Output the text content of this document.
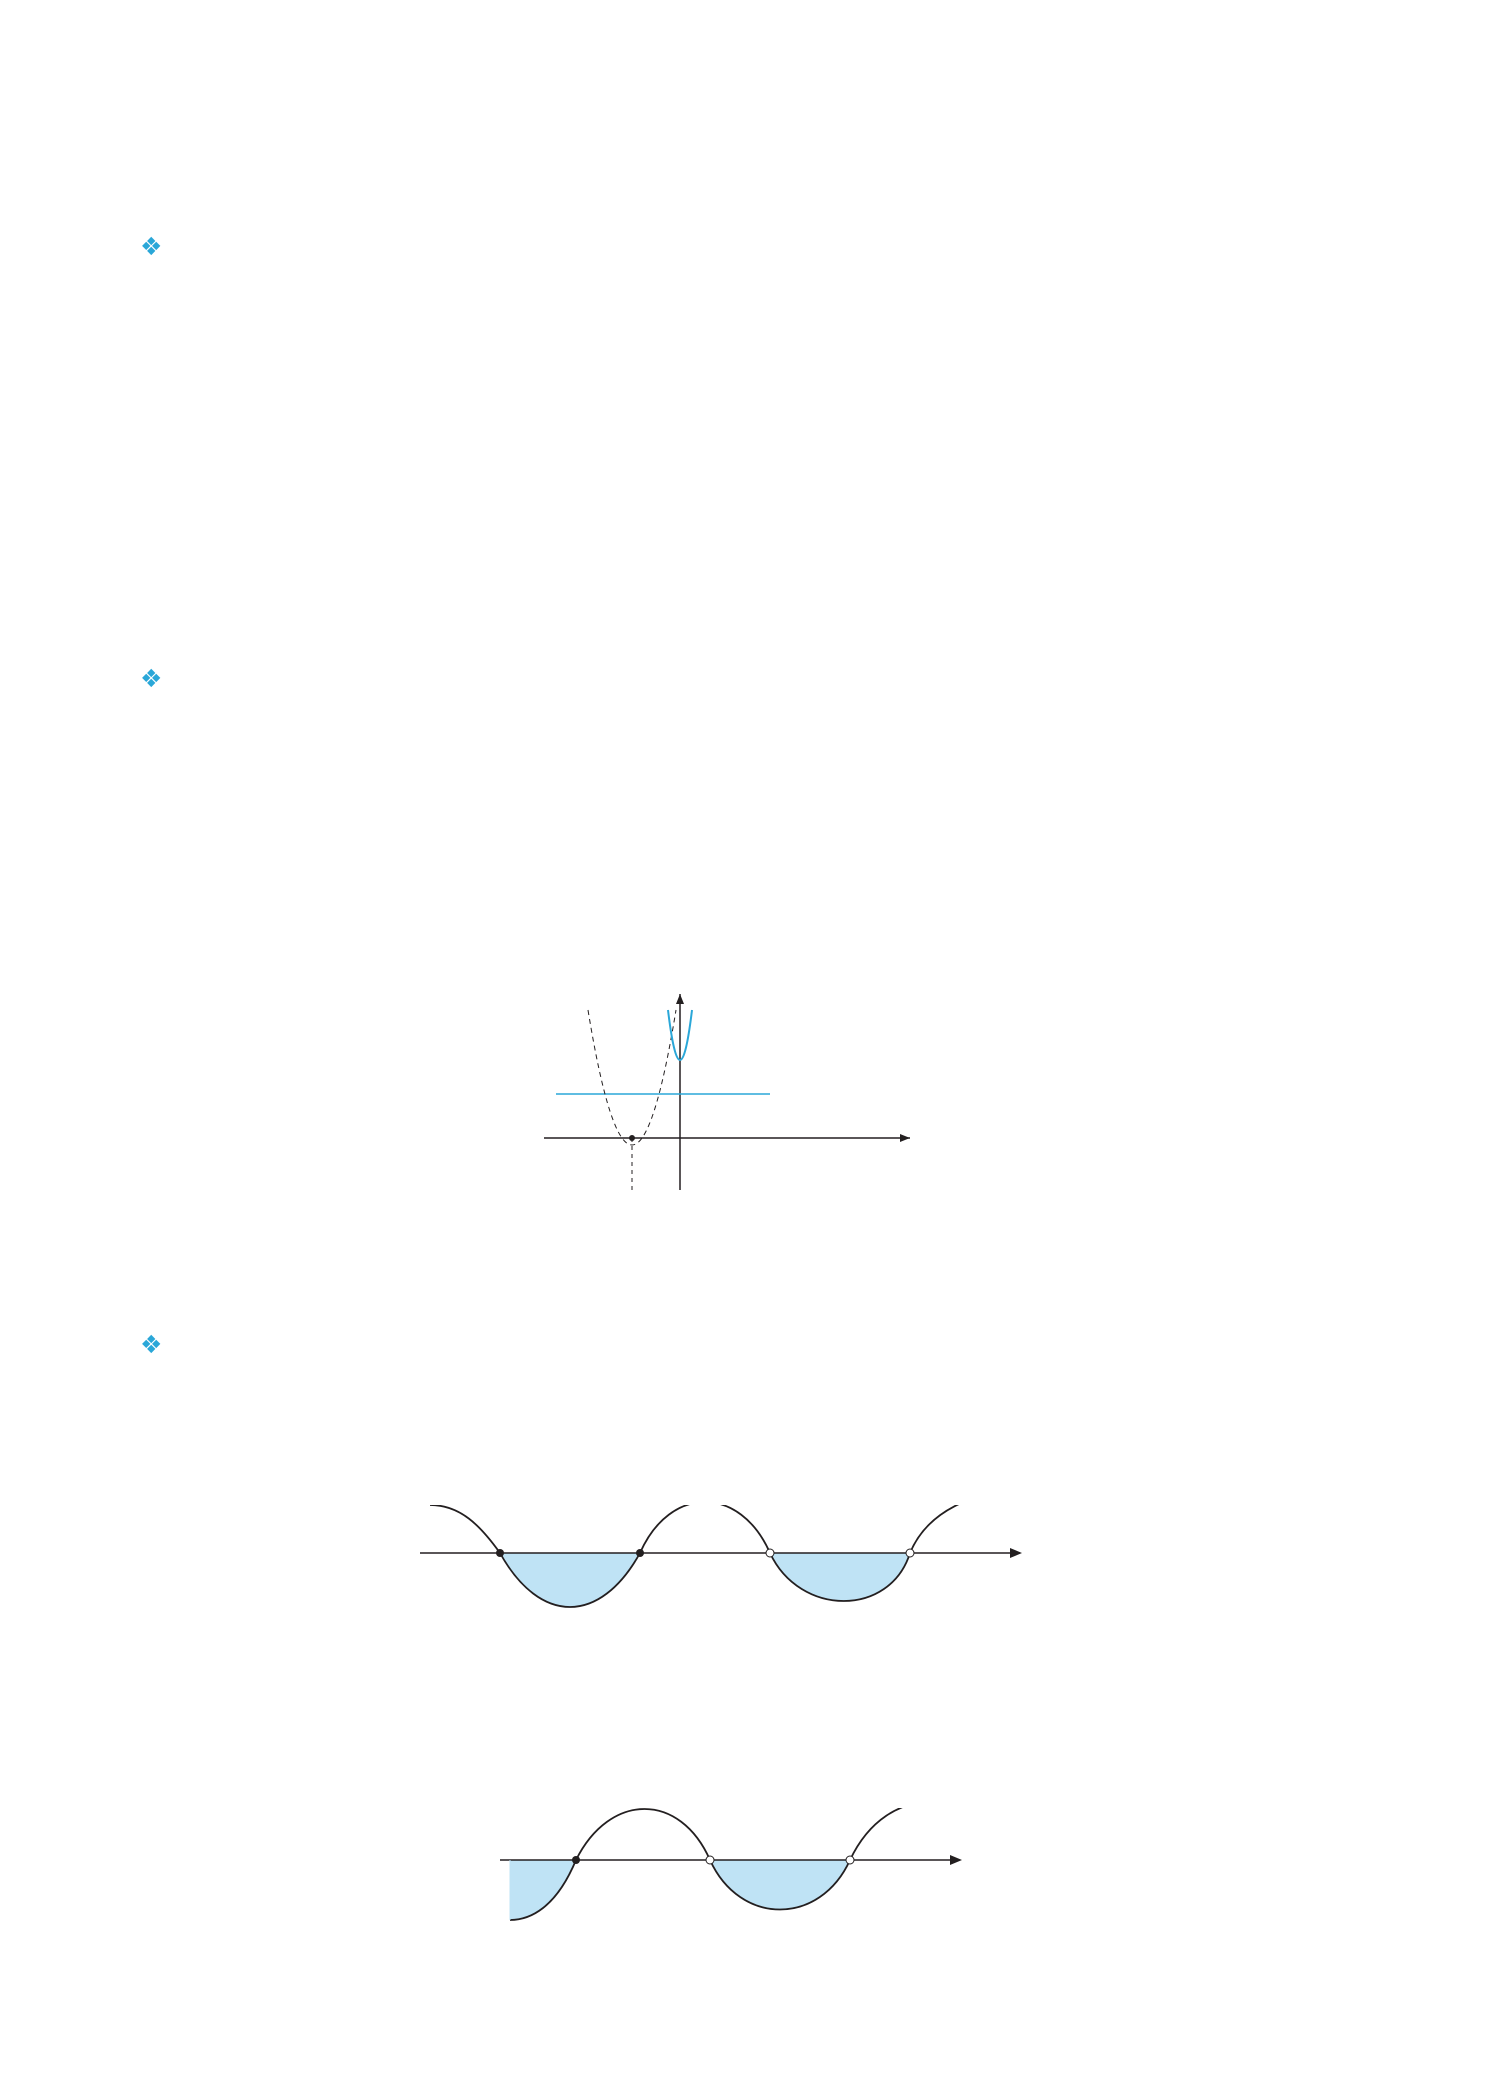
❖
❖
❖
